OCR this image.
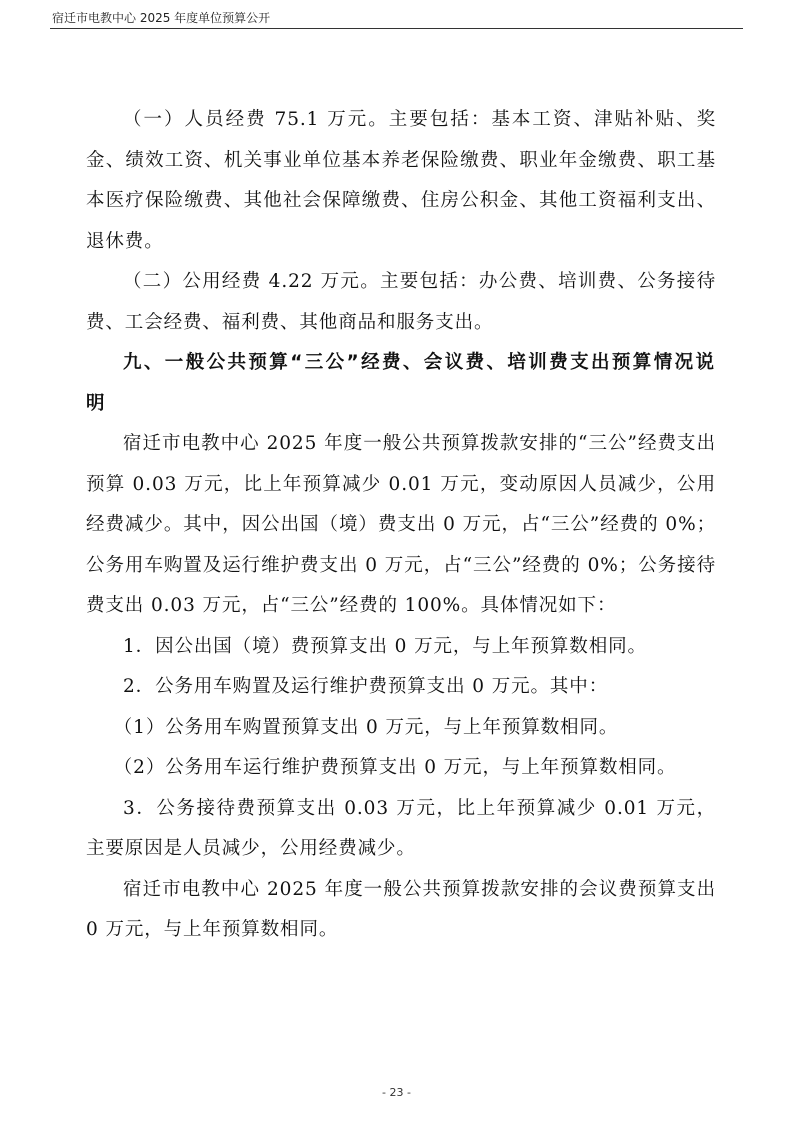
宿迁市电教中心 2025 年度单位预算公开

（一）人员经费 75.1 万元。主要包括：基本工资、津贴补贴、奖金、绩效工资、机关事业单位基本养老保险缴费、职业年金缴费、职工基本医疗保险缴费、其他社会保障缴费、住房公积金、其他工资福利支出、退休费。

（二）公用经费 4.22 万元。主要包括：办公费、培训费、公务接待费、工会经费、福利费、其他商品和服务支出。

九、一般公共预算“三公”经费、会议费、培训费支出预算情况说明

宿迁市电教中心 2025 年度一般公共预算拨款安排的“三公”经费支出预算 0.03 万元，比上年预算减少 0.01 万元，变动原因人员减少，公用经费减少。其中，因公出国（境）费支出 0 万元，占“三公”经费的 0%；公务用车购置及运行维护费支出 0 万元，占“三公”经费的 0%；公务接待费支出 0.03 万元，占“三公”经费的 100%。具体情况如下：

1．因公出国（境）费预算支出 0 万元，与上年预算数相同。

2．公务用车购置及运行维护费预算支出 0 万元。其中：

（1）公务用车购置预算支出 0 万元，与上年预算数相同。

（2）公务用车运行维护费预算支出 0 万元，与上年预算数相同。

3．公务接待费预算支出 0.03 万元，比上年预算减少 0.01 万元，主要原因是人员减少，公用经费减少。

宿迁市电教中心 2025 年度一般公共预算拨款安排的会议费预算支出 0 万元，与上年预算数相同。

- 23 -
